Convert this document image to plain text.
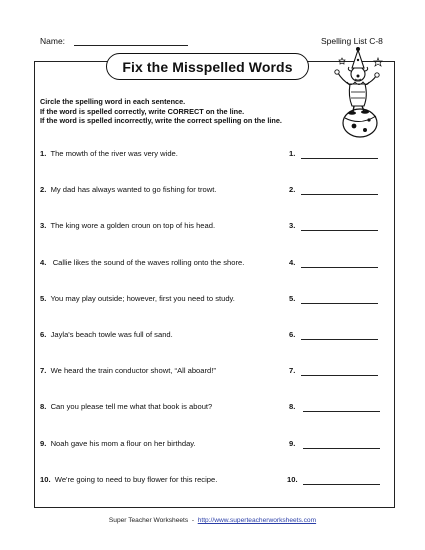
Name:	Spelling List C-8
Fix the Misspelled Words
Circle the spelling word in each sentence.
If the word is spelled correctly, write CORRECT on the line.
If the word is spelled incorrectly, write the correct spelling on the line.
1. The mowth of the river was very wide.	1.
2. My dad has always wanted to go fishing for trowt.	2.
3. The king wore a golden croun on top of his head.	3.
4.   Callie likes the sound of the waves rolling onto the shore.	4.
5. You may play outside; however, first you need to study.	5.
6. Jayla's beach towle was full of sand.	6.
7. We heard the train conductor showt, “All aboard!”	7.
8. Can you please tell me what that book is about?	8.
9. Noah gave his mom a flour on her birthday.	9.
10. We're going to need to buy flower for this recipe.	10.
Super Teacher Worksheets  -  http://www.superteacherworksheets.com
